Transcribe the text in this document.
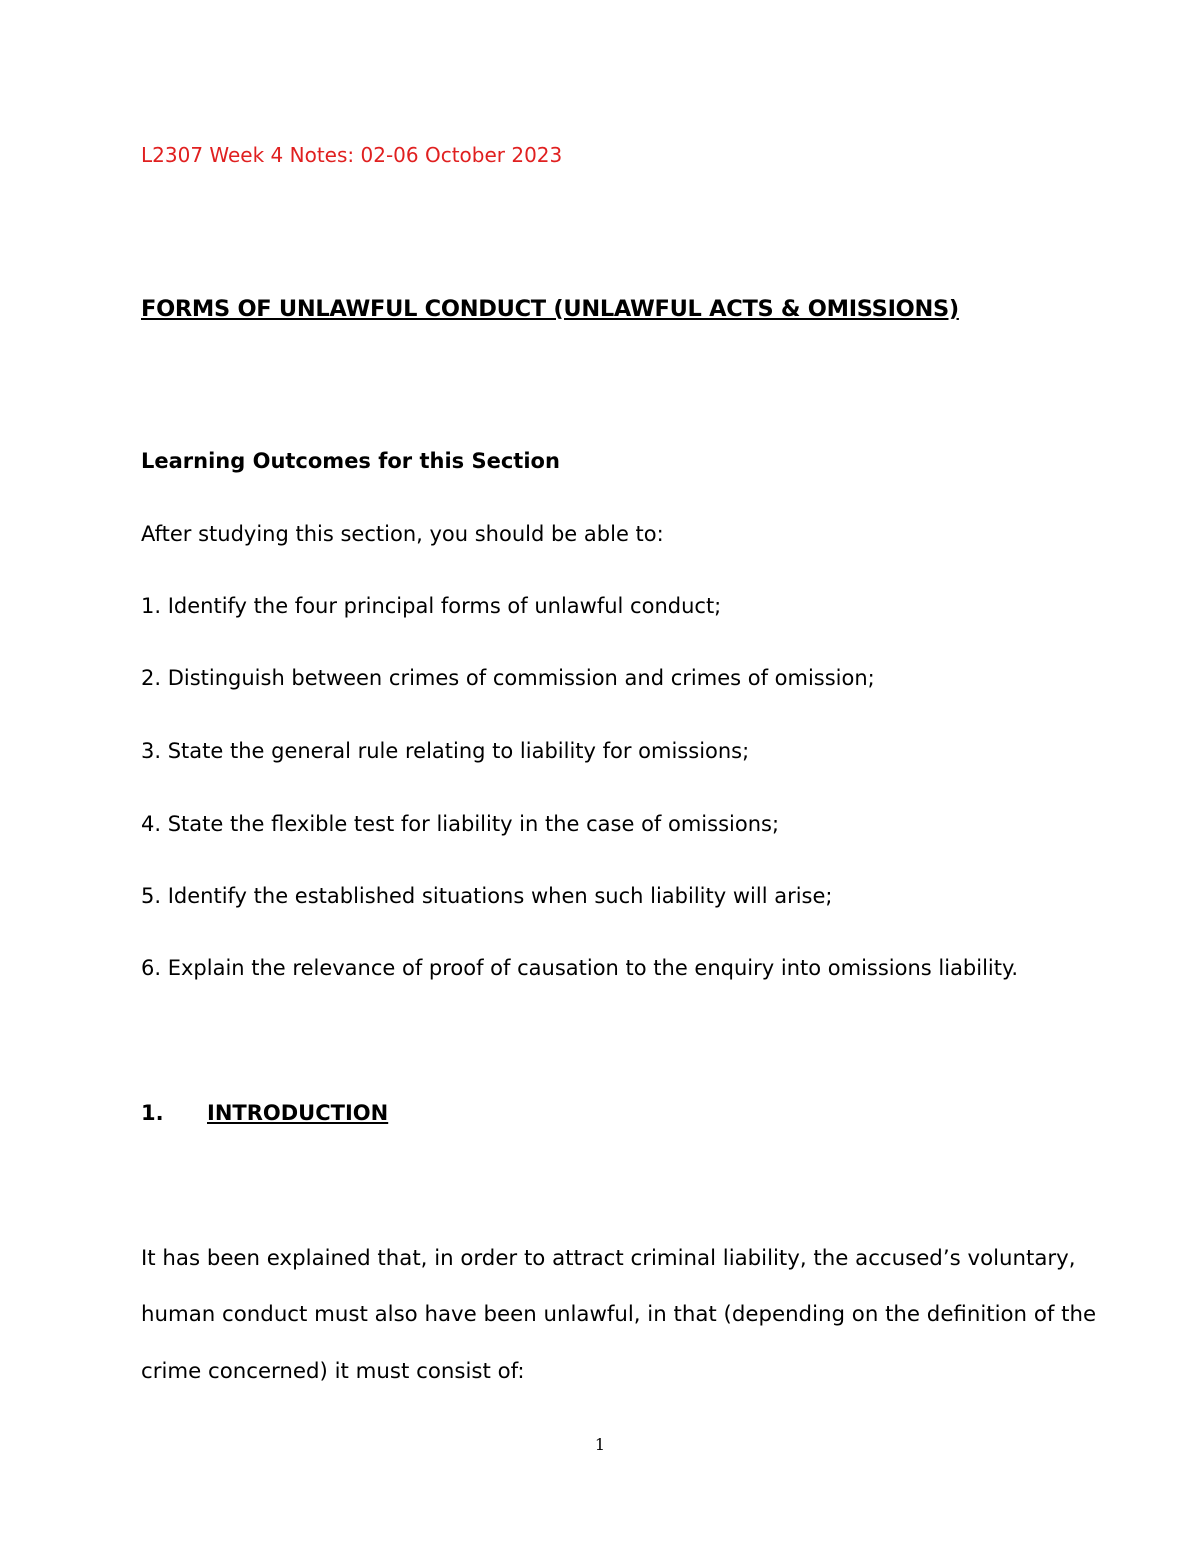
L2307 Week 4 Notes: 02-06 October 2023
FORMS OF UNLAWFUL CONDUCT (UNLAWFUL ACTS & OMISSIONS)
Learning Outcomes for this Section
After studying this section, you should be able to:
1. Identify the four principal forms of unlawful conduct;
2. Distinguish between crimes of commission and crimes of omission;
3. State the general rule relating to liability for omissions;
4. State the flexible test for liability in the case of omissions;
5. Identify the established situations when such liability will arise;
6. Explain the relevance of proof of causation to the enquiry into omissions liability.
1. INTRODUCTION
It has been explained that, in order to attract criminal liability, the accused’s voluntary,
human conduct must also have been unlawful, in that (depending on the definition of the
crime concerned) it must consist of:
1
